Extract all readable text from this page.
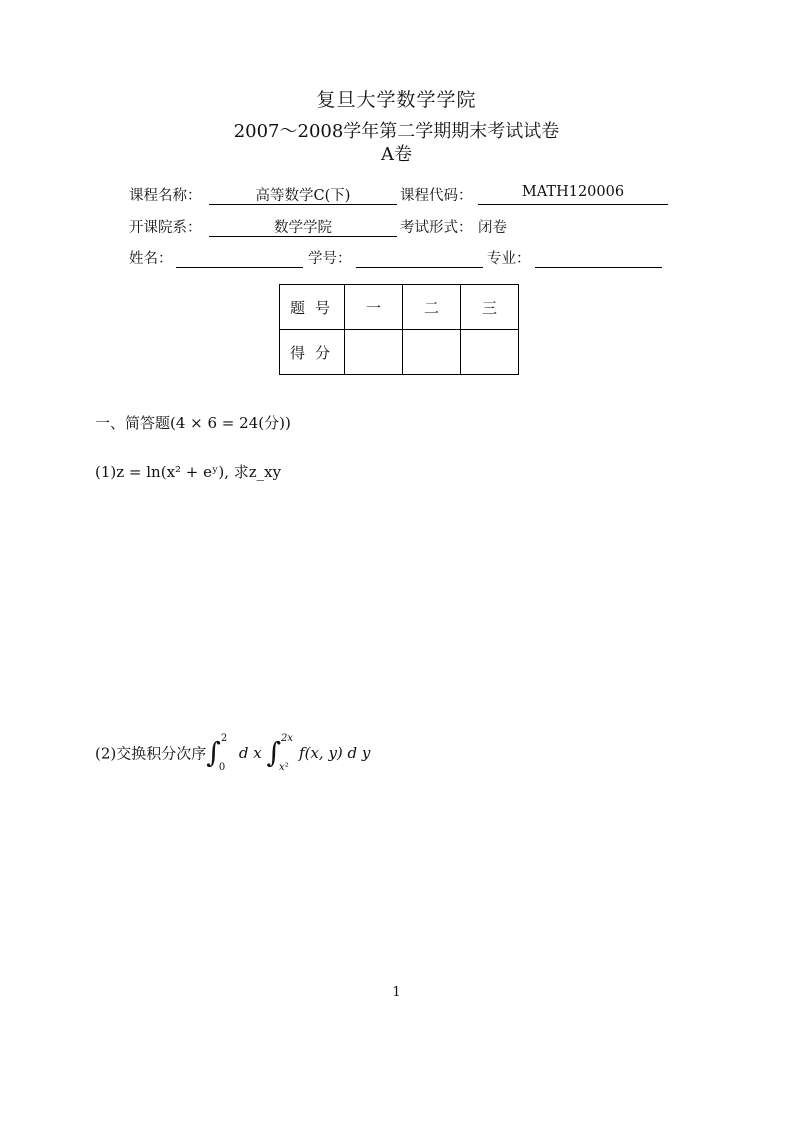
复旦大学数学学院
2007～2008学年第二学期期末考试试卷
A卷
课程名称：	高等数学C(下)	课程代码：	MATH120006
开课院系：	数学学院	考试形式： 闭卷
姓名：	学号：	专业：
题号	一	二	三
得分			
一、简答题(4 × 6 = 24(分))
(1)z = ln(x² + eʸ), 求z_xy
(2)交换积分次序∫ 2
0
d x ∫ 2x
x²
f(x, y) d y
1
